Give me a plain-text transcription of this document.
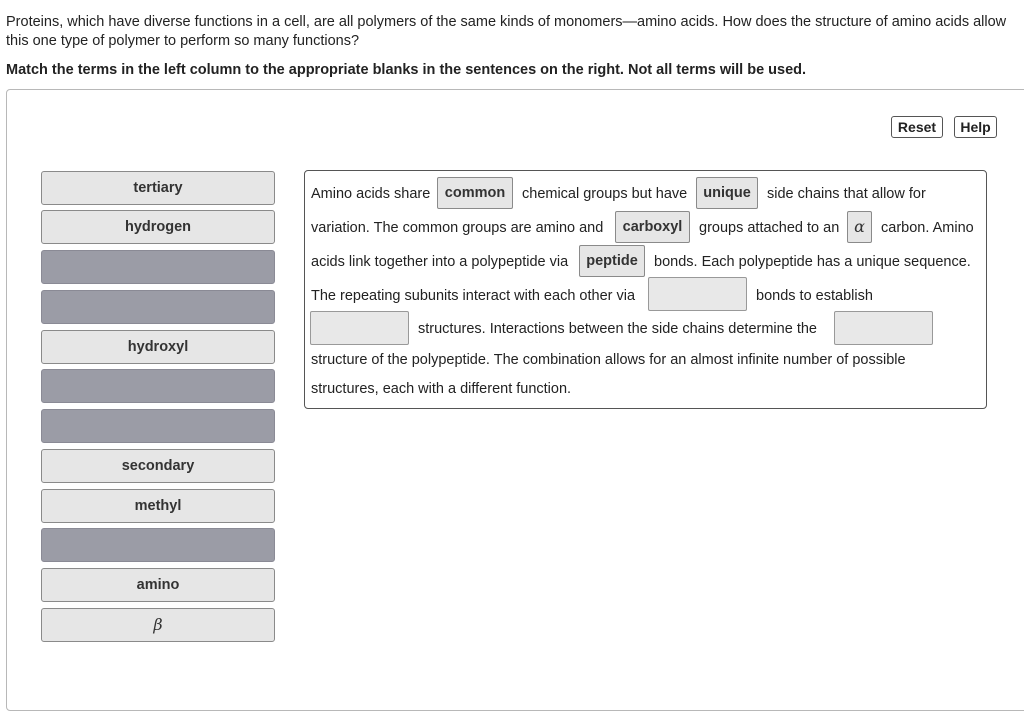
Proteins, which have diverse functions in a cell, are all polymers of the same kinds of monomers—amino acids. How does the structure of amino acids allow this one type of polymer to perform so many functions?
Match the terms in the left column to the appropriate blanks in the sentences on the right. Not all terms will be used.
Reset	Help
tertiary
hydrogen
hydroxyl
secondary
methyl
amino
β
Amino acids share	common	chemical groups but have	unique	side chains that allow for
variation. The common groups are amino and	carboxyl	groups attached to an α	carbon. Amino
acids link together into a polypeptide via	peptide	bonds. Each polypeptide has a unique sequence.
The repeating subunits interact with each other via	bonds to establish
structures. Interactions between the side chains determine the
structure of the polypeptide. The combination allows for an almost infinite number of possible
structures, each with a different function.
